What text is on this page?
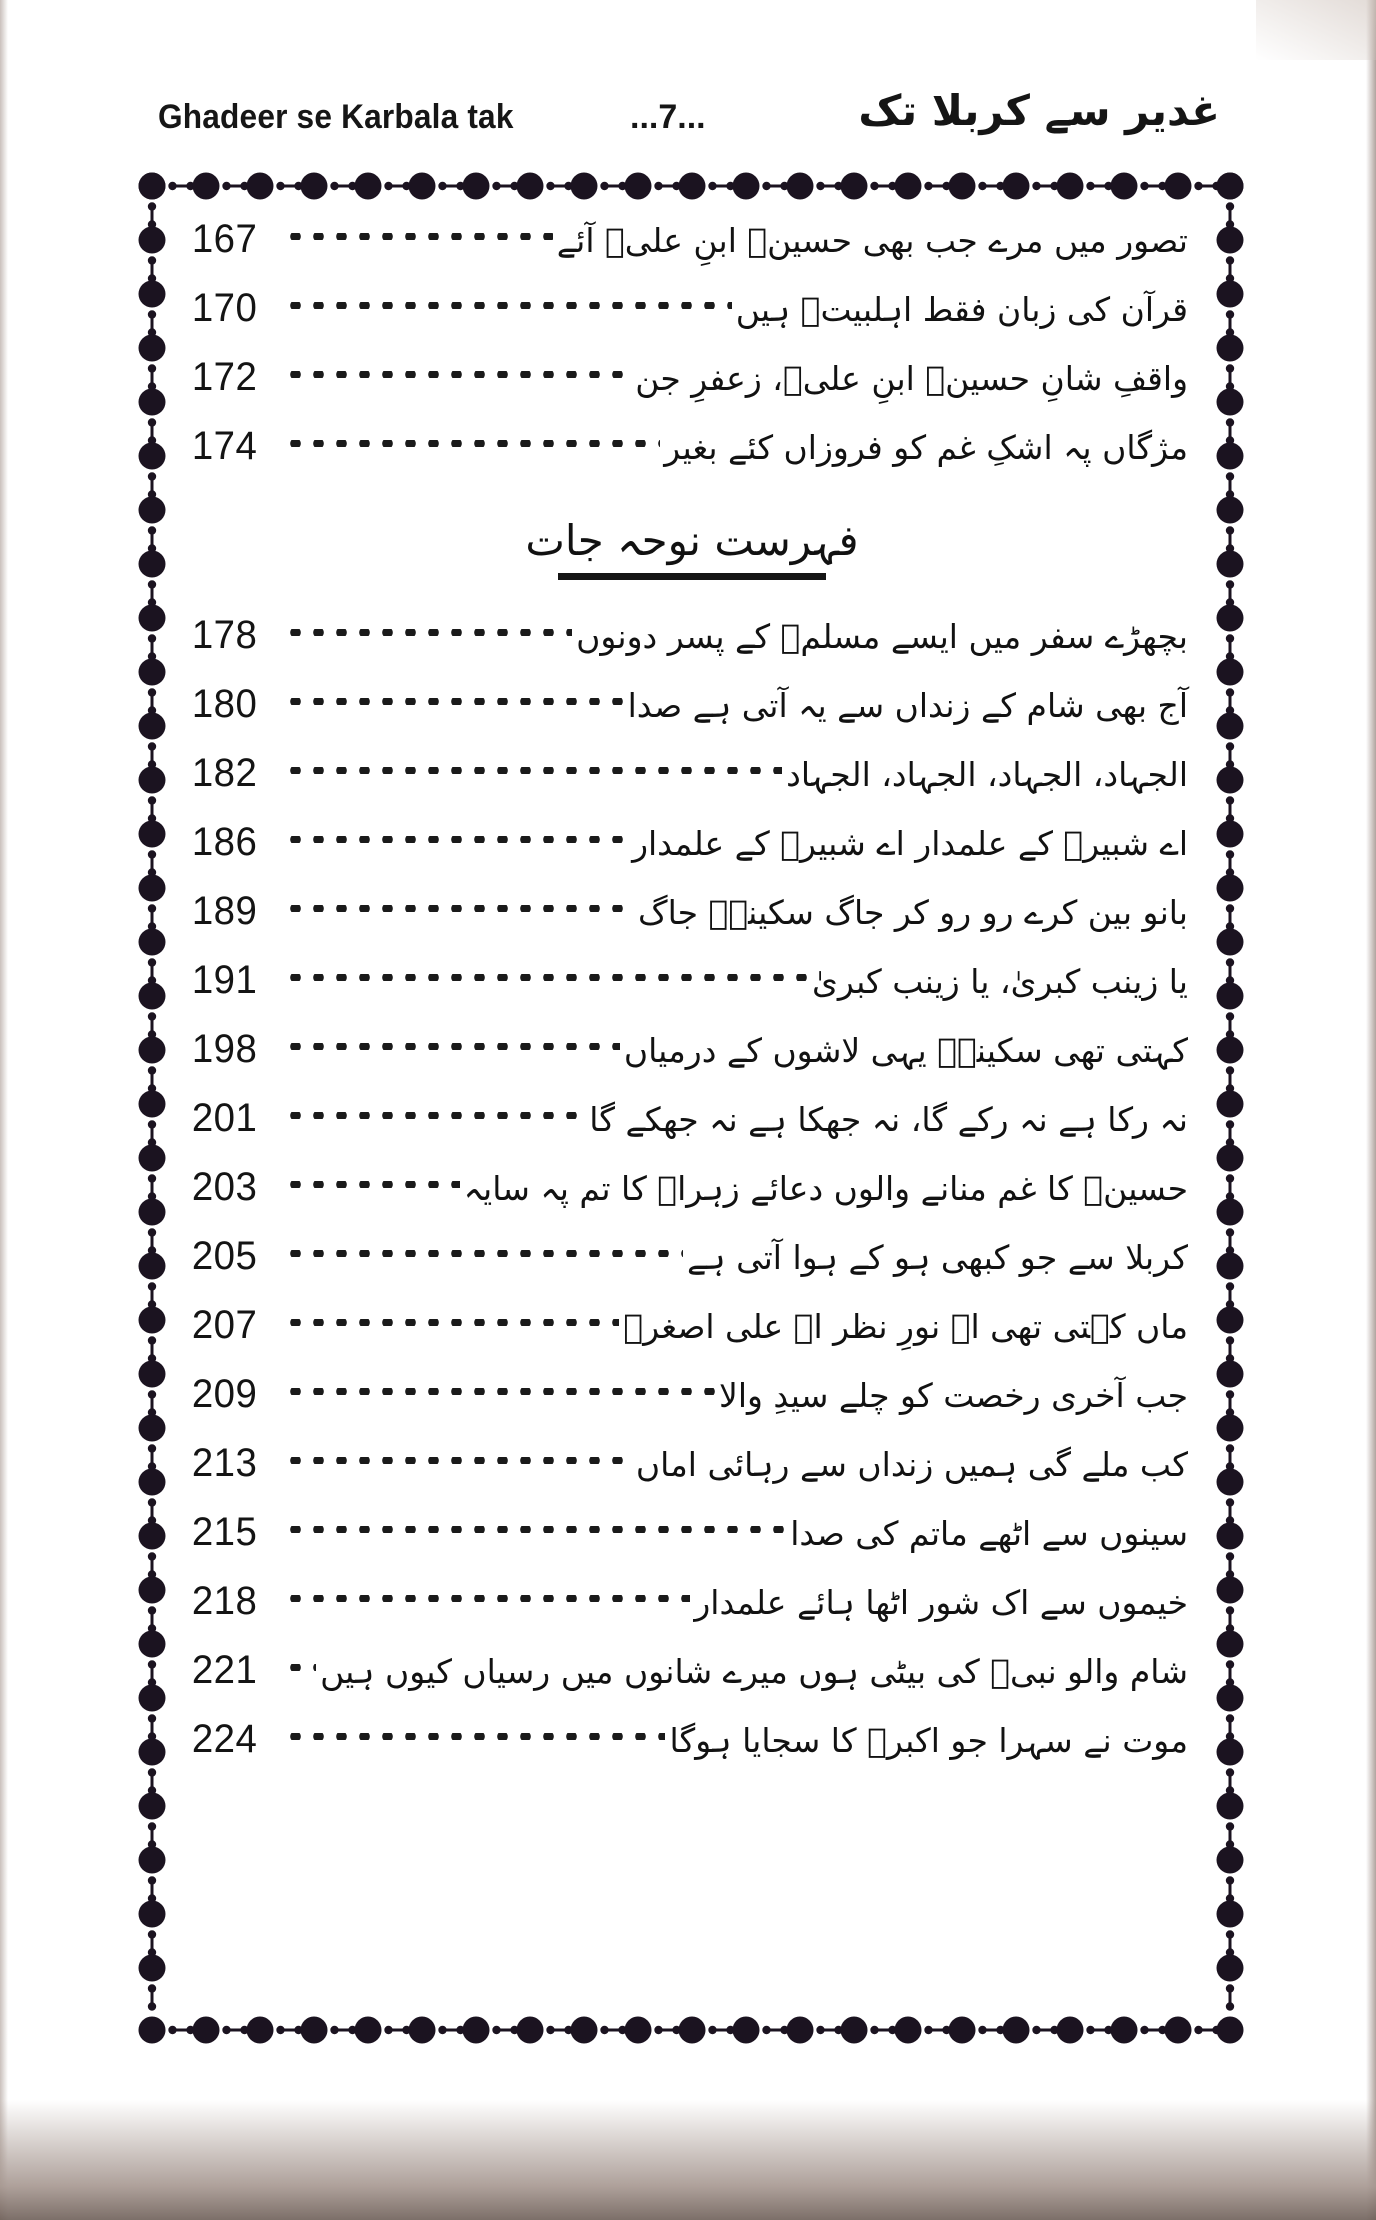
Ghadeer se Karbala tak	...7...	غدیر سے کربلا تک
167	تصور میں مرے جب بھی حسینؑ ابنِ علیؑ آئے
170	قرآن کی زبان فقط اہلبیتؑ ہیں
172	واقفِ شانِ حسینؑ ابنِ علیؑ، زعفرِ جن
174	مژگاں پہ اشکِ غم کو فروزاں کئے بغیر
فہرست نوحہ جات
178	بچھڑے سفر میں ایسے مسلمؑ کے پسر دونوں
180	آج بھی شام کے زنداں سے یہ آتی ہے صدا
182	الجہاد، الجہاد، الجہاد، الجہاد
186	اے شبیرؑ کے علمدار اے شبیرؑ کے علمدار
189	بانو بین کرے رو رو کر جاگ سکینہؑ جاگ
191	یا زینب کبریٰ، یا زینب کبریٰ
198	کہتی تھی سکینہؑ یہی لاشوں کے درمیاں
201	نہ رکا ہے نہ رکے گا، نہ جھکا ہے نہ جھکے گا
203	حسینؑ کا غم منانے والوں دعائے زہراؑ کا تم پہ سایہ
205	کربلا سے جو کبھی ہو کے ہوا آتی ہے
207	ماں کہتی تھی اے نورِ نظر اے علی اصغرؑ
209	جب آخری رخصت کو چلے سیدِ والا
213	کب ملے گی ہمیں زنداں سے رہائی اماں
215	سینوں سے اٹھے ماتم کی صدا
218	خیموں سے اک شور اٹھا ہائے علمدار
221	شام والو نبیؐ کی بیٹی ہوں میرے شانوں میں رسیاں کیوں ہیں
224	موت نے سہرا جو اکبرؑ کا سجایا ہوگا
